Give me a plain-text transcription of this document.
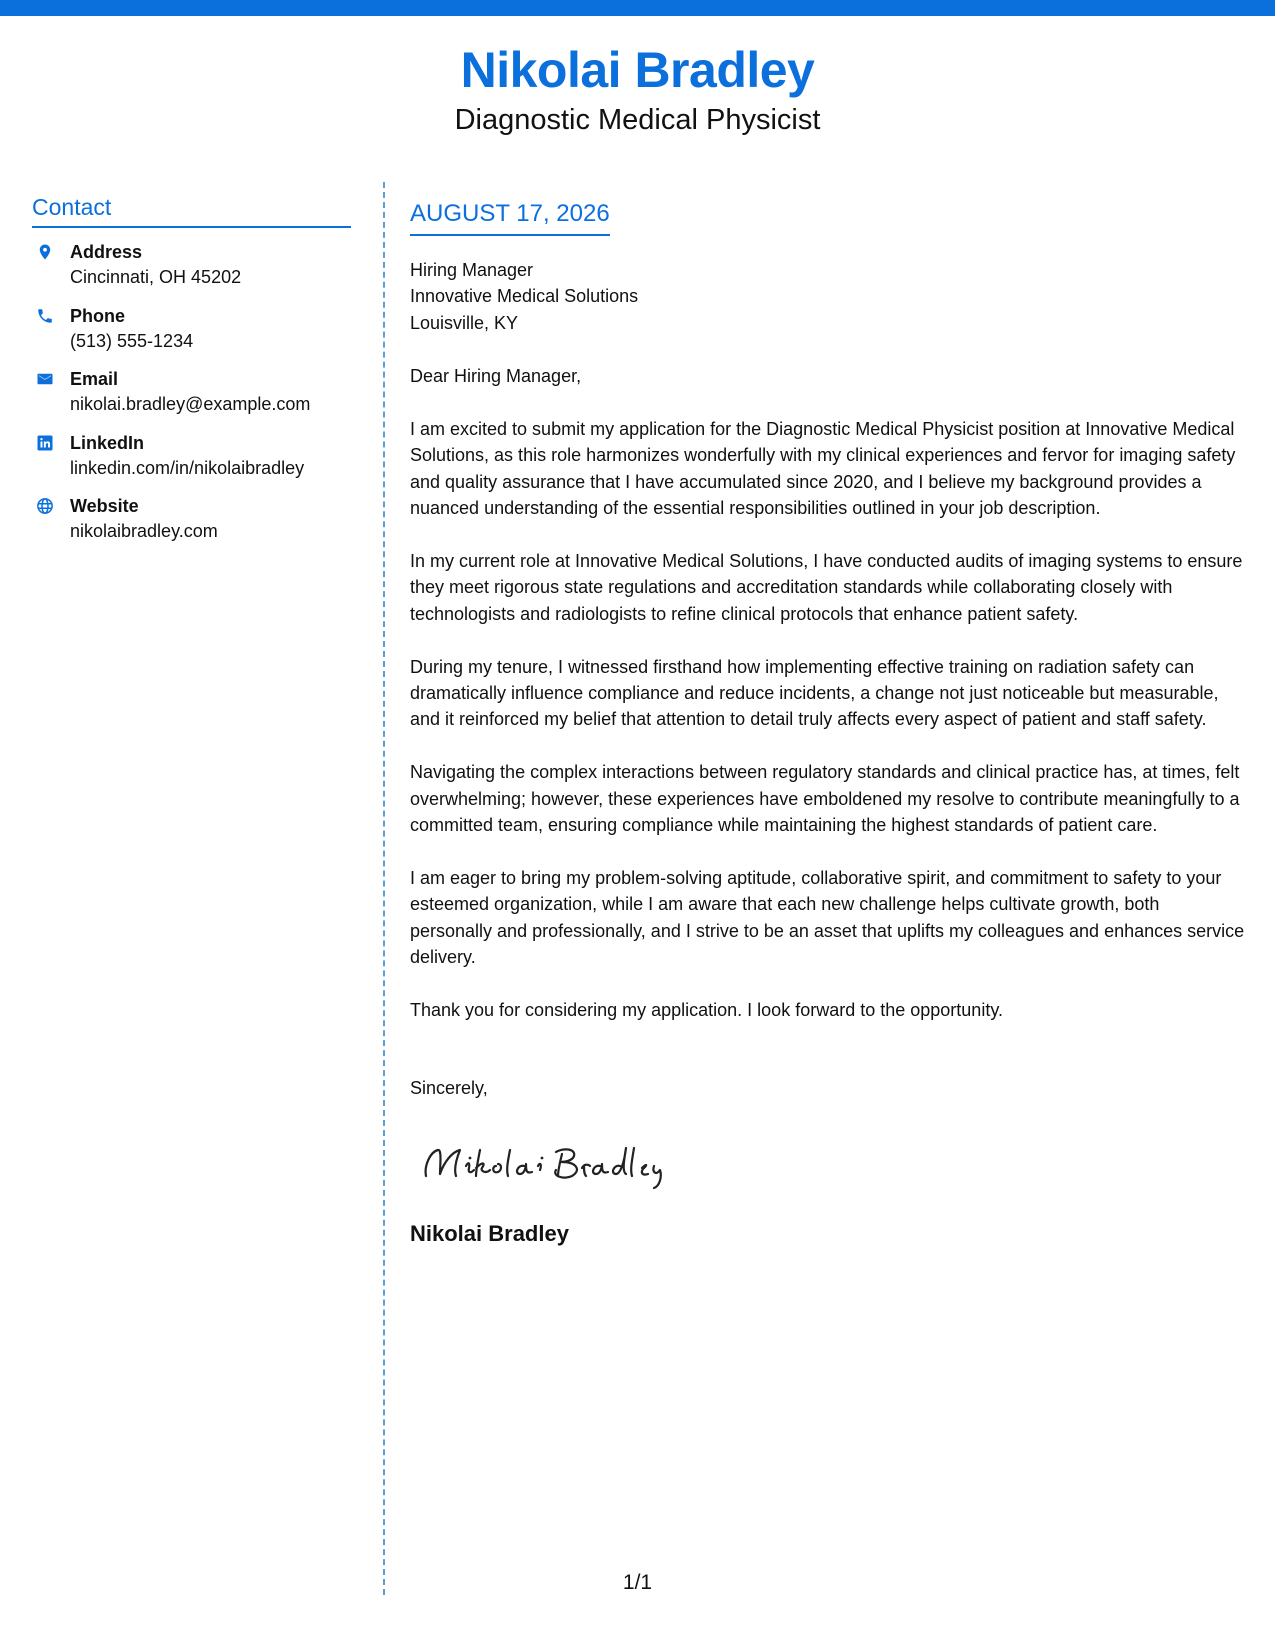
Nikolai Bradley
Diagnostic Medical Physicist
Contact
Address
Cincinnati, OH 45202
Phone
(513) 555-1234
Email
nikolai.bradley@example.com
LinkedIn
linkedin.com/in/nikolaibradley
Website
nikolaibradley.com
AUGUST 17, 2026
Hiring Manager
Innovative Medical Solutions
Louisville, KY
Dear Hiring Manager,
I am excited to submit my application for the Diagnostic Medical Physicist position at Innovative Medical Solutions, as this role harmonizes wonderfully with my clinical experiences and fervor for imaging safety and quality assurance that I have accumulated since 2020, and I believe my background provides a nuanced understanding of the essential responsibilities outlined in your job description.
In my current role at Innovative Medical Solutions, I have conducted audits of imaging systems to ensure they meet rigorous state regulations and accreditation standards while collaborating closely with technologists and radiologists to refine clinical protocols that enhance patient safety.
During my tenure, I witnessed firsthand how implementing effective training on radiation safety can dramatically influence compliance and reduce incidents, a change not just noticeable but measurable, and it reinforced my belief that attention to detail truly affects every aspect of patient and staff safety.
Navigating the complex interactions between regulatory standards and clinical practice has, at times, felt overwhelming; however, these experiences have emboldened my resolve to contribute meaningfully to a committed team, ensuring compliance while maintaining the highest standards of patient care.
I am eager to bring my problem-solving aptitude, collaborative spirit, and commitment to safety to your esteemed organization, while I am aware that each new challenge helps cultivate growth, both personally and professionally, and I strive to be an asset that uplifts my colleagues and enhances service delivery.
Thank you for considering my application. I look forward to the opportunity.
Sincerely,
Nikolai Bradley
1/1
